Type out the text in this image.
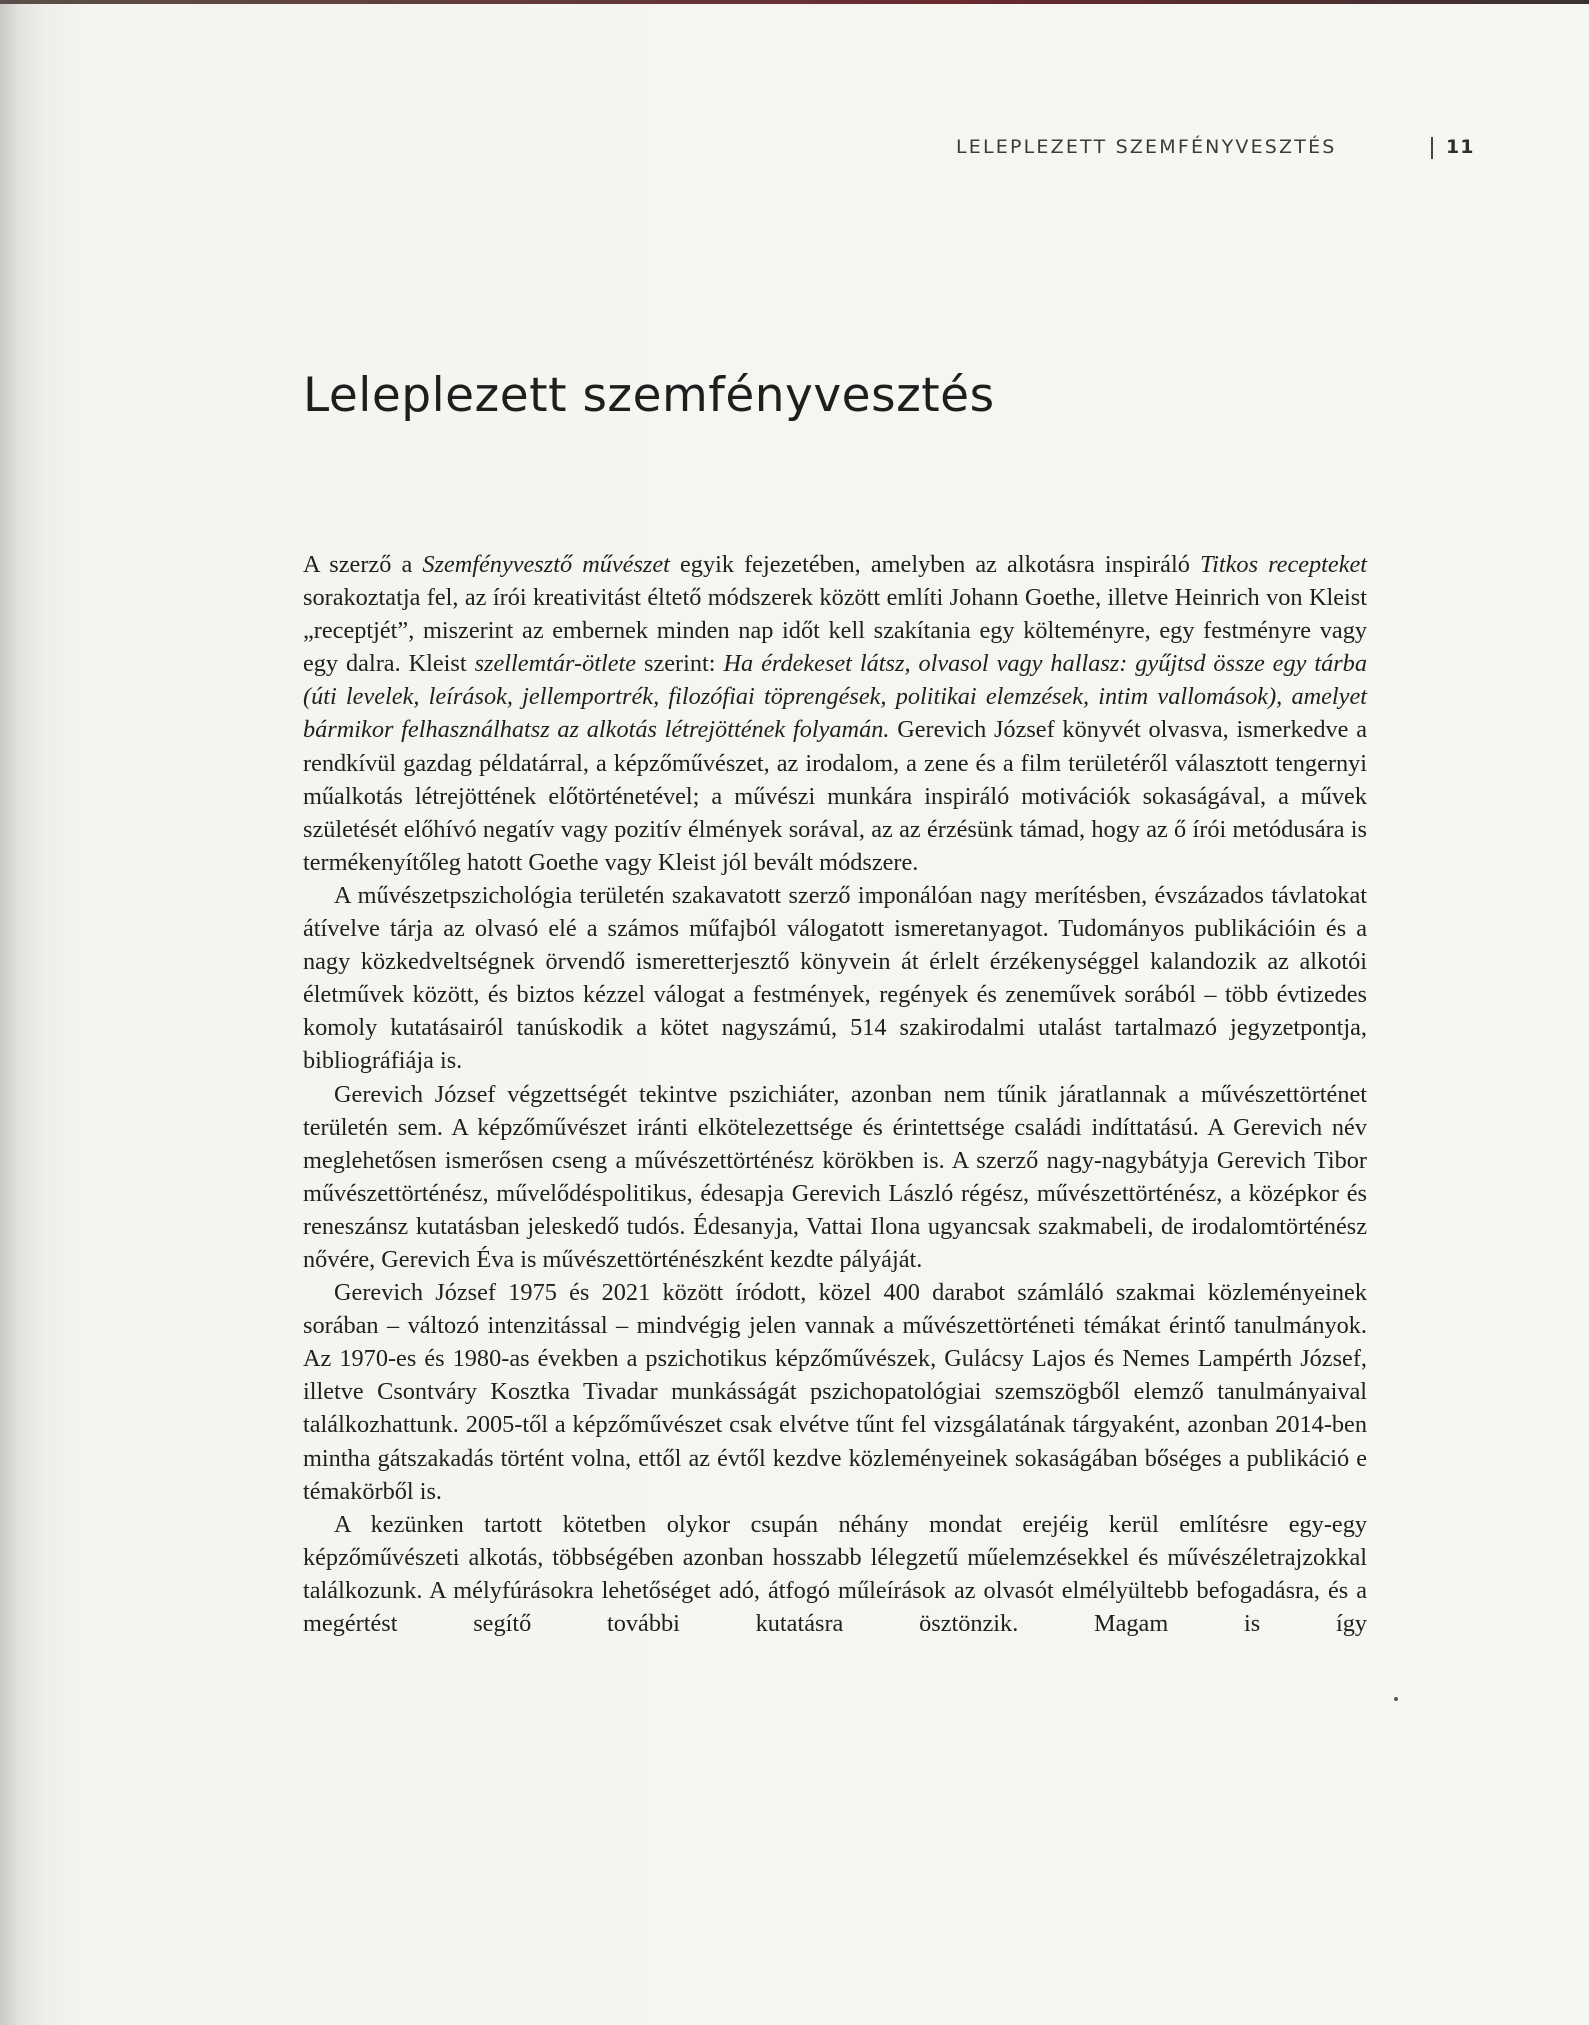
LELEPLEZETT SZEMFÉNYVESZTÉS	11
Leleplezett szemfényvesztés

A szerző a Szemfényvesztő művészet egyik fejezetében, amelyben az alkotásra inspiráló Titkos recepteket sorakoztatja fel, az írói kreativitást éltető módszerek között említi Johann Goethe, illetve Heinrich von Kleist „receptjét”, miszerint az embernek minden nap időt kell szakítania egy költeményre, egy festményre vagy egy dalra. Kleist szellemtár-ötlete szerint: Ha érdekeset látsz, olvasol vagy hallasz: gyűjtsd össze egy tárba (úti levelek, leírások, jellemportrék, filozófiai töprengések, politikai elemzések, intim vallomások), amelyet bármikor felhasználhatsz az alkotás létrejöttének folyamán. Gerevich József könyvét olvasva, ismerkedve a rendkívül gazdag példatárral, a képzőművészet, az irodalom, a zene és a film területéről választott tengernyi műalkotás létrejöttének előtörténetével; a művészi munkára inspiráló motivációk sokaságával, a művek születését előhívó negatív vagy pozitív élmények sorával, az az érzésünk támad, hogy az ő írói metódusára is termékenyítőleg hatott Goethe vagy Kleist jól bevált módszere.

A művészetpszichológia területén szakavatott szerző imponálóan nagy merítésben, évszázados távlatokat átívelve tárja az olvasó elé a számos műfajból válogatott ismeretanyagot. Tudományos publikációin és a nagy közkedveltségnek örvendő ismeretterjesztő könyvein át érlelt érzékenységgel kalandozik az alkotói életművek között, és biztos kézzel válogat a festmények, regények és zeneművek sorából – több évtizedes komoly kutatásairól tanúskodik a kötet nagyszámú, 514 szakirodalmi utalást tartalmazó jegyzetpontja, bibliográfiája is.

Gerevich József végzettségét tekintve pszichiáter, azonban nem tűnik járatlannak a művészettörténet területén sem. A képzőművészet iránti elkötelezettsége és érintettsége családi indíttatású. A Gerevich név meglehetősen ismerősen cseng a művészettörténész körökben is. A szerző nagy-nagybátyja Gerevich Tibor művészettörténész, művelődéspolitikus, édesapja Gerevich László régész, művészettörténész, a középkor és reneszánsz kutatásban jeleskedő tudós. Édesanyja, Vattai Ilona ugyancsak szakmabeli, de irodalomtörténész nővére, Gerevich Éva is művészettörténészként kezdte pályáját.

Gerevich József 1975 és 2021 között íródott, közel 400 darabot számláló szakmai közleményeinek sorában – változó intenzitással – mindvégig jelen vannak a művészettörténeti témákat érintő tanulmányok. Az 1970-es és 1980-as években a pszichotikus képzőművészek, Gulácsy Lajos és Nemes Lampérth József, illetve Csontváry Kosztka Tivadar munkásságát pszichopatológiai szemszögből elemző tanulmányaival találkozhattunk. 2005-től a képzőművészet csak elvétve tűnt fel vizsgálatának tárgyaként, azonban 2014-ben mintha gátszakadás történt volna, ettől az évtől kezdve közleményeinek sokaságában bőséges a publikáció e témakörből is.

A kezünken tartott kötetben olykor csupán néhány mondat erejéig kerül említésre egy-egy képzőművészeti alkotás, többségében azonban hosszabb lélegzetű műelemzésekkel és művészéletrajzokkal találkozunk. A mélyfúrásokra lehetőséget adó, átfogó műleírások az olvasót elmélyültebb befogadásra, és a megértést segítő további kutatásra ösztönzik. Magam is így
